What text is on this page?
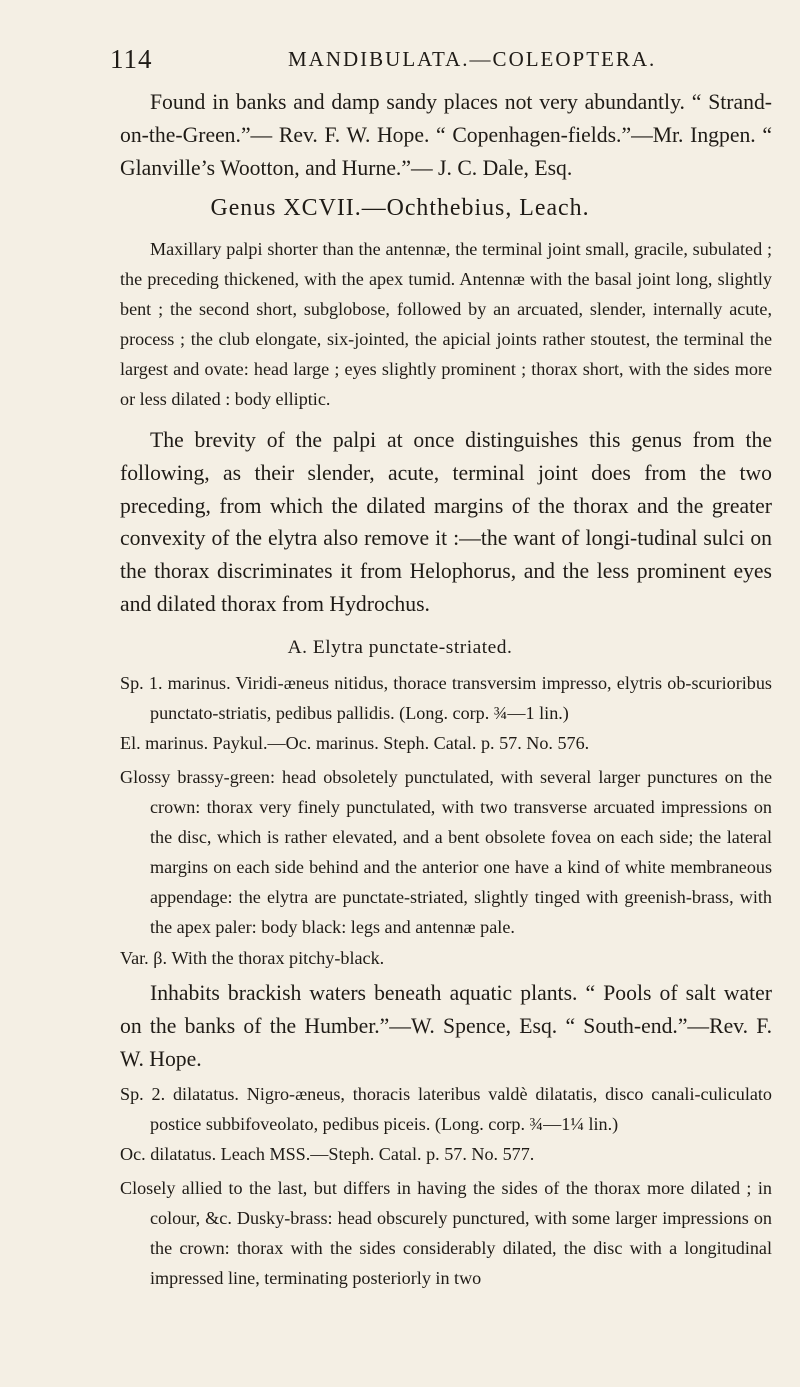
114	MANDIBULATA.—COLEOPTERA.

Found in banks and damp sandy places not very abundantly. “ Strand-on-the-Green.”— Rev. F. W. Hope. “ Copenhagen-fields.”—Mr. Ingpen. “ Glanville’s Wootton, and Hurne.”— J. C. Dale, Esq.

Genus XCVII.—Ochthebius, Leach.

Maxillary palpi shorter than the antennæ, the terminal joint small, gracile, subulated ; the preceding thickened, with the apex tumid. Antennæ with the basal joint long, slightly bent ; the second short, subglobose, followed by an arcuated, slender, internally acute, process ; the club elongate, six-jointed, the apicial joints rather stoutest, the terminal the largest and ovate: head large ; eyes slightly prominent ; thorax short, with the sides more or less dilated : body elliptic.

The brevity of the palpi at once distinguishes this genus from the following, as their slender, acute, terminal joint does from the two preceding, from which the dilated margins of the thorax and the greater convexity of the elytra also remove it :—the want of longi-tudinal sulci on the thorax discriminates it from Helophorus, and the less prominent eyes and dilated thorax from Hydrochus.

A. Elytra punctate-striated.

Sp. 1. marinus. Viridi-æneus nitidus, thorace transversim impresso, elytris ob-scurioribus punctato-striatis, pedibus pallidis. (Long. corp. ¾—1 lin.)

El. marinus. Paykul.—Oc. marinus. Steph. Catal. p. 57. No. 576.

Glossy brassy-green: head obsoletely punctulated, with several larger punctures on the crown: thorax very finely punctulated, with two transverse arcuated impressions on the disc, which is rather elevated, and a bent obsolete fovea on each side; the lateral margins on each side behind and the anterior one have a kind of white membraneous appendage: the elytra are punctate-striated, slightly tinged with greenish-brass, with the apex paler: body black: legs and antennæ pale.

Var. β. With the thorax pitchy-black.

Inhabits brackish waters beneath aquatic plants. “ Pools of salt water on the banks of the Humber.”—W. Spence, Esq. “ South-end.”—Rev. F. W. Hope.

Sp. 2. dilatatus. Nigro-æneus, thoracis lateribus valdè dilatatis, disco canali-culiculato postice subbifoveolato, pedibus piceis. (Long. corp. ¾—1¼ lin.)

Oc. dilatatus. Leach MSS.—Steph. Catal. p. 57. No. 577.

Closely allied to the last, but differs in having the sides of the thorax more dilated ; in colour, &c. Dusky-brass: head obscurely punctured, with some larger impressions on the crown: thorax with the sides considerably dilated, the disc with a longitudinal impressed line, terminating posteriorly in two
